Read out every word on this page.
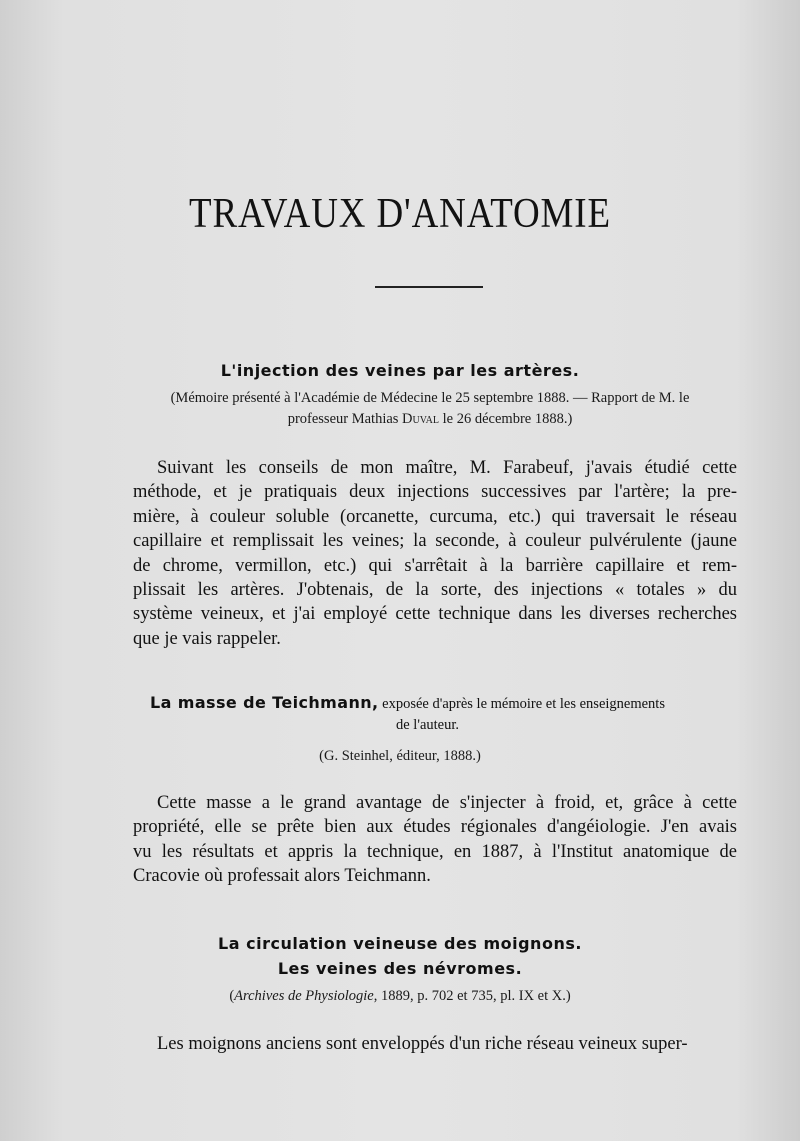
TRAVAUX D'ANATOMIE
L'injection des veines par les artères.
(Mémoire présenté à l'Académie de Médecine le 25 septembre 1888. — Rapport de M. le
professeur Mathias Duval le 26 décembre 1888.)
Suivant les conseils de mon maître, M. Farabeuf, j'avais étudié cette
méthode, et je pratiquais deux injections successives par l'artère; la pre-
mière, à couleur soluble (orcanette, curcuma, etc.) qui traversait le réseau
capillaire et remplissait les veines; la seconde, à couleur pulvérulente (jaune
de chrome, vermillon, etc.) qui s'arrêtait à la barrière capillaire et rem-
plissait les artères. J'obtenais, de la sorte, des injections « totales » du
système veineux, et j'ai employé cette technique dans les diverses recherches
que je vais rappeler.
La masse de Teichmann, exposée d'après le mémoire et les enseignements
de l'auteur.
(G. Steinhel, éditeur, 1888.)
Cette masse a le grand avantage de s'injecter à froid, et, grâce à cette
propriété, elle se prête bien aux études régionales d'angéiologie. J'en avais
vu les résultats et appris la technique, en 1887, à l'Institut anatomique de
Cracovie où professait alors Teichmann.
La circulation veineuse des moignons.
Les veines des névromes.
(Archives de Physiologie, 1889, p. 702 et 735, pl. IX et X.)
Les moignons anciens sont enveloppés d'un riche réseau veineux super-
